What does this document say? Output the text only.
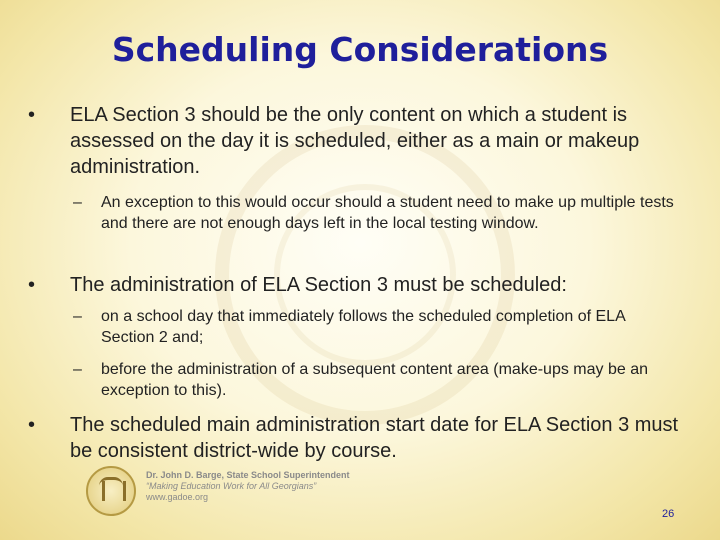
Scheduling Considerations
• ELA Section 3 should be the only content on which a student is assessed on the day it is scheduled, either as a main or makeup administration.
– An exception to this would occur should a student need to make up multiple tests and there are not enough days left in the local testing window.
• The administration of ELA Section 3 must be scheduled:
– on a school day that immediately follows the scheduled completion of ELA Section 2 and;
– before the administration of a subsequent content area (make-ups may be an exception to this).
• The scheduled main administration start date for ELA Section 3 must be consistent district-wide by course.
Dr. John D. Barge, State School Superintendent
“Making Education Work for All Georgians”
www.gadoe.org
26
